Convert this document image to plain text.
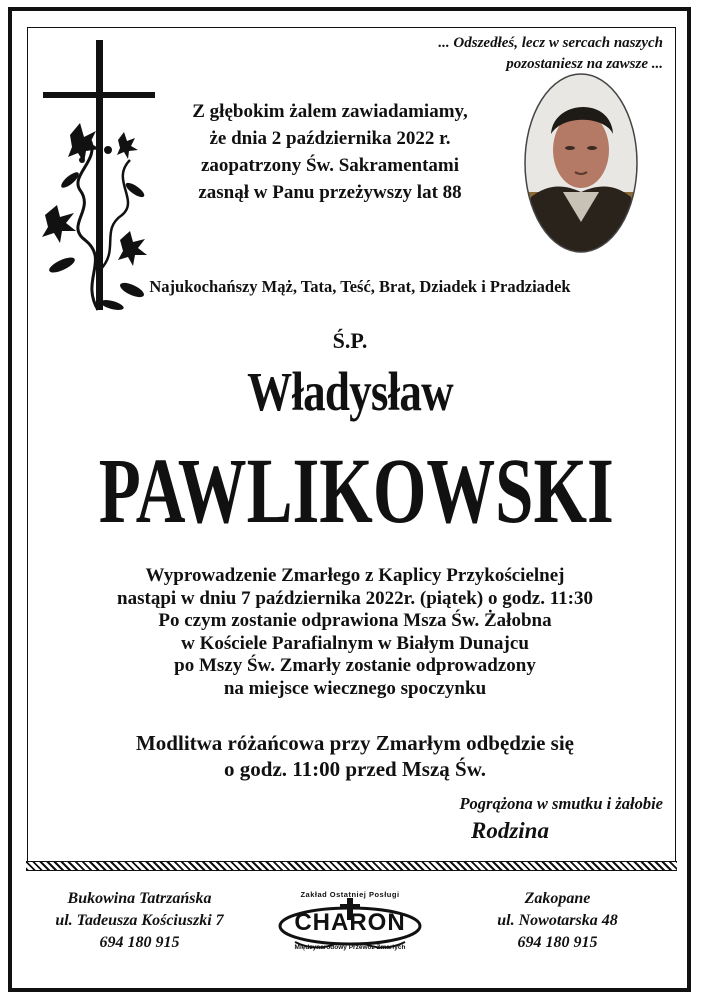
... Odszedłeś, lecz w sercach naszych
pozostaniesz na zawsze ...
Z głębokim żalem zawiadamiamy,
że dnia 2 października 2022 r.
zaopatrzony Św. Sakramentami
zasnął w Panu przeżywszy lat 88
Najukochańszy Mąż, Tata, Teść, Brat, Dziadek i Pradziadek
Ś.P.
Władysław
PAWLIKOWSKI
Wyprowadzenie Zmarłego z Kaplicy Przykościelnej
nastąpi w dniu 7 października 2022r. (piątek) o godz. 11:30
Po czym zostanie odprawiona Msza Św. Żałobna
w Kościele Parafialnym w Białym Dunajcu
po Mszy Św. Zmarły zostanie odprowadzony
na miejsce wiecznego spoczynku
Modlitwa różańcowa przy Zmarłym odbędzie się
o godz. 11:00 przed Mszą Św.
Pogrążona w smutku i żałobie
Rodzina
Bukowina Tatrzańska
ul. Tadeusza Kościuszki 7
694 180 915
Zakład Ostatniej Posługi
CHARON
Międzynarodowy Przewóz Zmarłych
Zakopane
ul. Nowotarska 48
694 180 915
